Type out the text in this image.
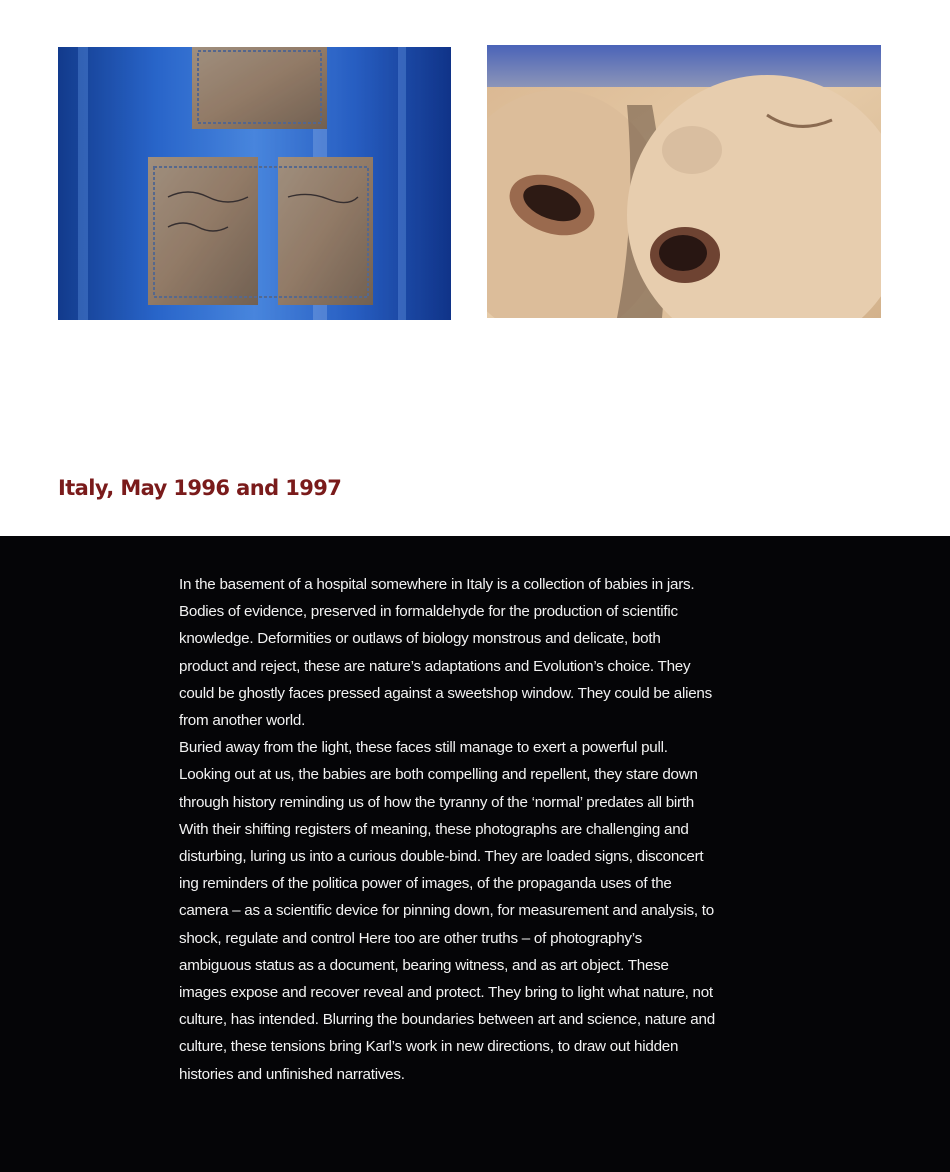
Italy, May 1996 and 1997
In the basement of a hospital somewhere in Italy is a collection of babies in jars.
Bodies of evidence, preserved in formaldehyde for the production of scientific
knowledge. Deformities or outlaws of biology monstrous and delicate, both
product and reject, these are nature’s adaptations and Evolution’s choice. They
could be ghostly faces pressed against a sweetshop window. They could be aliens
from another world.
Buried away from the light, these faces still manage to exert a powerful pull.
Looking out at us, the babies are both compelling and repellent, they stare down
through history reminding us of how the tyranny of the ‘normal’ predates all birth
With their shifting registers of meaning, these photographs are challenging and
disturbing, luring us into a curious double-bind. They are loaded signs, disconcert
ing reminders of the politica power of images, of the propaganda uses of the
camera – as a scientific device for pinning down, for measurement and analysis, to
shock, regulate and control Here too are other truths – of photography’s
ambiguous status as a document, bearing witness, and as art object. These
images expose and recover reveal and protect. They bring to light what nature, not
culture, has intended. Blurring the boundaries between art and science, nature and
culture, these tensions bring Karl’s work in new directions, to draw out hidden
histories and unfinished narratives.
